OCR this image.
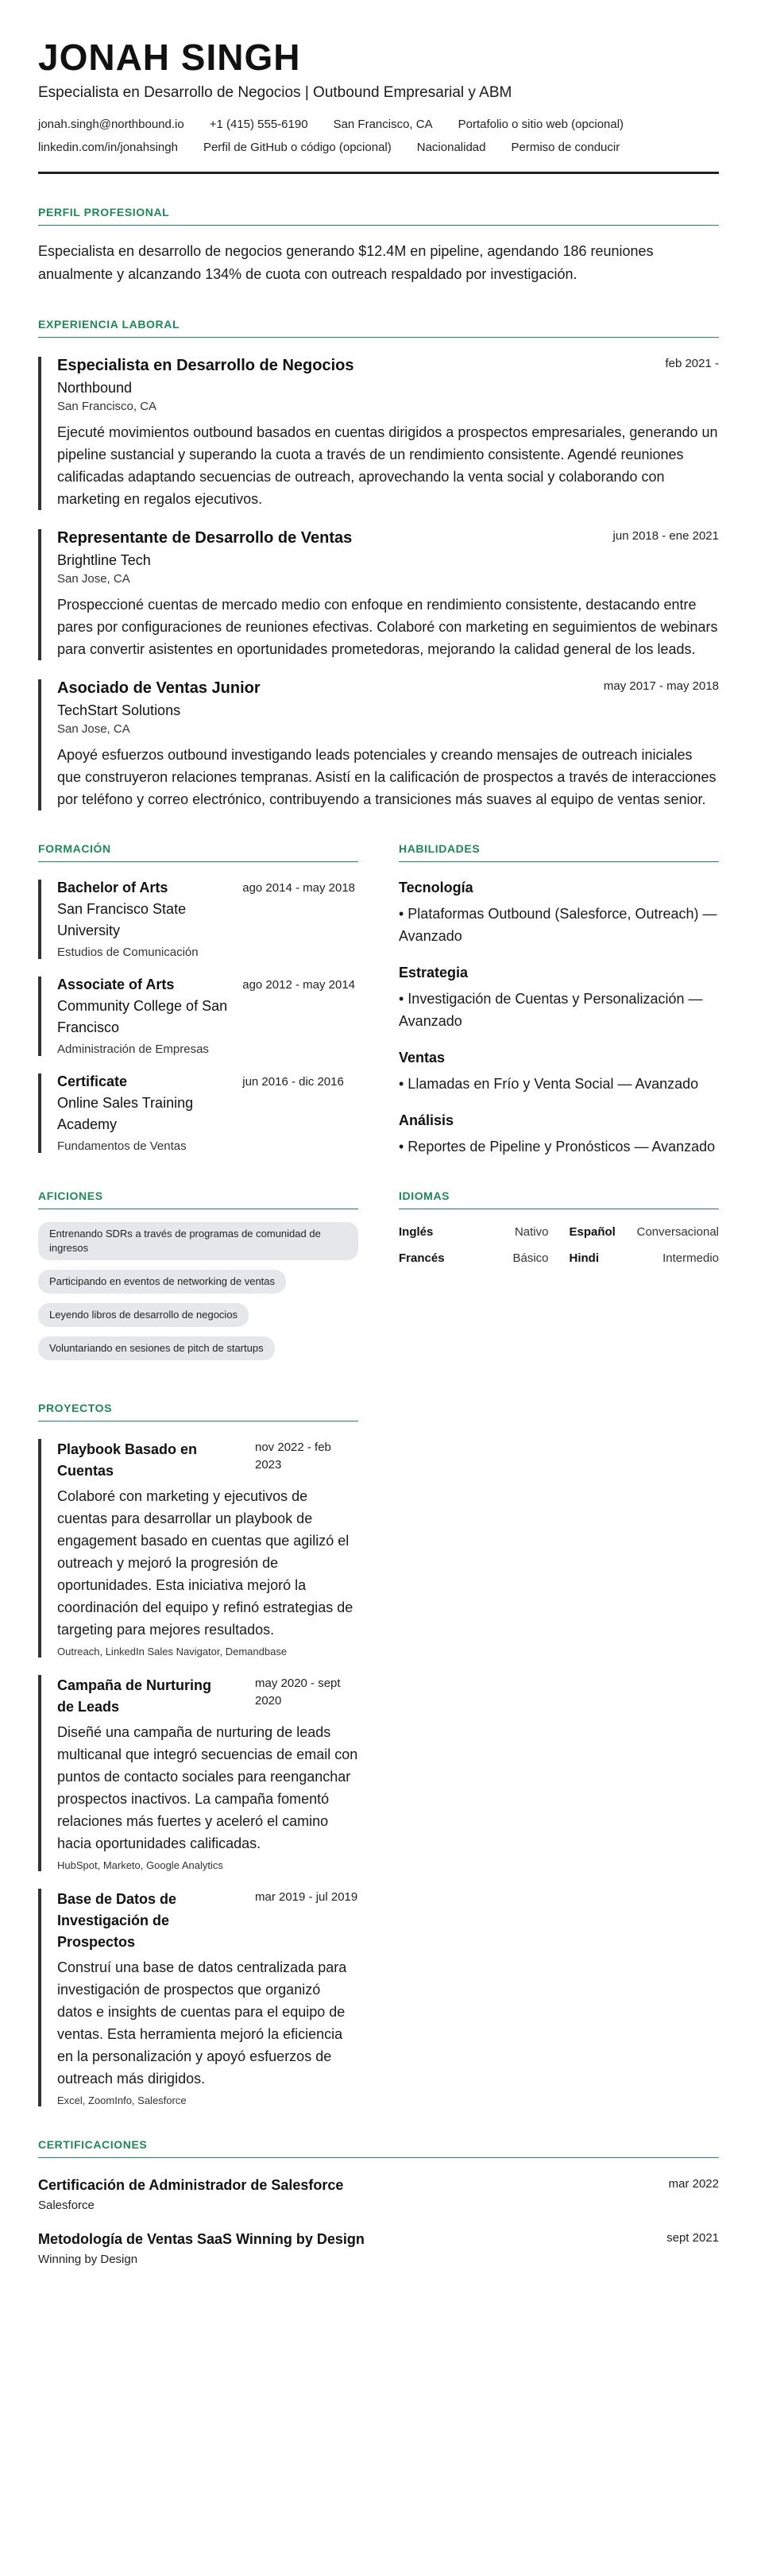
JONAH SINGH
Especialista en Desarrollo de Negocios | Outbound Empresarial y ABM
jonah.singh@northbound.io +1 (415) 555-6190 San Francisco, CA Portafolio o sitio web (opcional)
linkedin.com/in/jonahsingh Perfil de GitHub o código (opcional) Nacionalidad Permiso de conducir
PERFIL PROFESIONAL
Especialista en desarrollo de negocios generando $12.4M en pipeline, agendando 186 reuniones anualmente y alcanzando 134% de cuota con outreach respaldado por investigación.
EXPERIENCIA LABORAL
Especialista en Desarrollo de Negocios	feb 2021 -
Northbound
San Francisco, CA
Ejecuté movimientos outbound basados en cuentas dirigidos a prospectos empresariales, generando un pipeline sustancial y superando la cuota a través de un rendimiento consistente. Agendé reuniones calificadas adaptando secuencias de outreach, aprovechando la venta social y colaborando con marketing en regalos ejecutivos.
Representante de Desarrollo de Ventas	jun 2018 - ene 2021
Brightline Tech
San Jose, CA
Prospeccioné cuentas de mercado medio con enfoque en rendimiento consistente, destacando entre pares por configuraciones de reuniones efectivas. Colaboré con marketing en seguimientos de webinars para convertir asistentes en oportunidades prometedoras, mejorando la calidad general de los leads.
Asociado de Ventas Junior	may 2017 - may 2018
TechStart Solutions
San Jose, CA
Apoyé esfuerzos outbound investigando leads potenciales y creando mensajes de outreach iniciales que construyeron relaciones tempranas. Asistí en la calificación de prospectos a través de interacciones por teléfono y correo electrónico, contribuyendo a transiciones más suaves al equipo de ventas senior.
FORMACIÓN
Bachelor of Arts
San Francisco State University
ago 2014 - may 2018
Estudios de Comunicación
Associate of Arts
Community College of San Francisco
ago 2012 - may 2014
Administración de Empresas
Certificate
Online Sales Training Academy
jun 2016 - dic 2016
Fundamentos de Ventas
HABILIDADES
Tecnología
• Plataformas Outbound (Salesforce, Outreach) — Avanzado
Estrategia
• Investigación de Cuentas y Personalización — Avanzado
Ventas
• Llamadas en Frío y Venta Social — Avanzado
Análisis
• Reportes de Pipeline y Pronósticos — Avanzado
AFICIONES
Entrenando SDRs a través de programas de comunidad de ingresos Participando en eventos de networking de ventas Leyendo libros de desarrollo de negocios Voluntariando en sesiones de pitch de startups
IDIOMAS
Inglés	Nativo Español Conversacional
Francés	Básico Hindi	Intermedio
PROYECTOS
Playbook Basado en Cuentas
nov 2022 - feb 2023
Colaboré con marketing y ejecutivos de cuentas para desarrollar un playbook de engagement basado en cuentas que agilizó el outreach y mejoró la progresión de oportunidades. Esta iniciativa mejoró la coordinación del equipo y refinó estrategias de targeting para mejores resultados.
Outreach, LinkedIn Sales Navigator, Demandbase
Campaña de Nurturing de Leads
may 2020 - sept 2020
Diseñé una campaña de nurturing de leads multicanal que integró secuencias de email con puntos de contacto sociales para reenganchar prospectos inactivos. La campaña fomentó relaciones más fuertes y aceleró el camino hacia oportunidades calificadas.
HubSpot, Marketo, Google Analytics
Base de Datos de Investigación de Prospectos
mar 2019 - jul 2019
Construí una base de datos centralizada para investigación de prospectos que organizó datos e insights de cuentas para el equipo de ventas. Esta herramienta mejoró la eficiencia en la personalización y apoyó esfuerzos de outreach más dirigidos.
Excel, ZoomInfo, Salesforce
CERTIFICACIONES
Certificación de Administrador de Salesforce
Salesforce
mar 2022
Metodología de Ventas SaaS Winning by Design
Winning by Design
sept 2021
